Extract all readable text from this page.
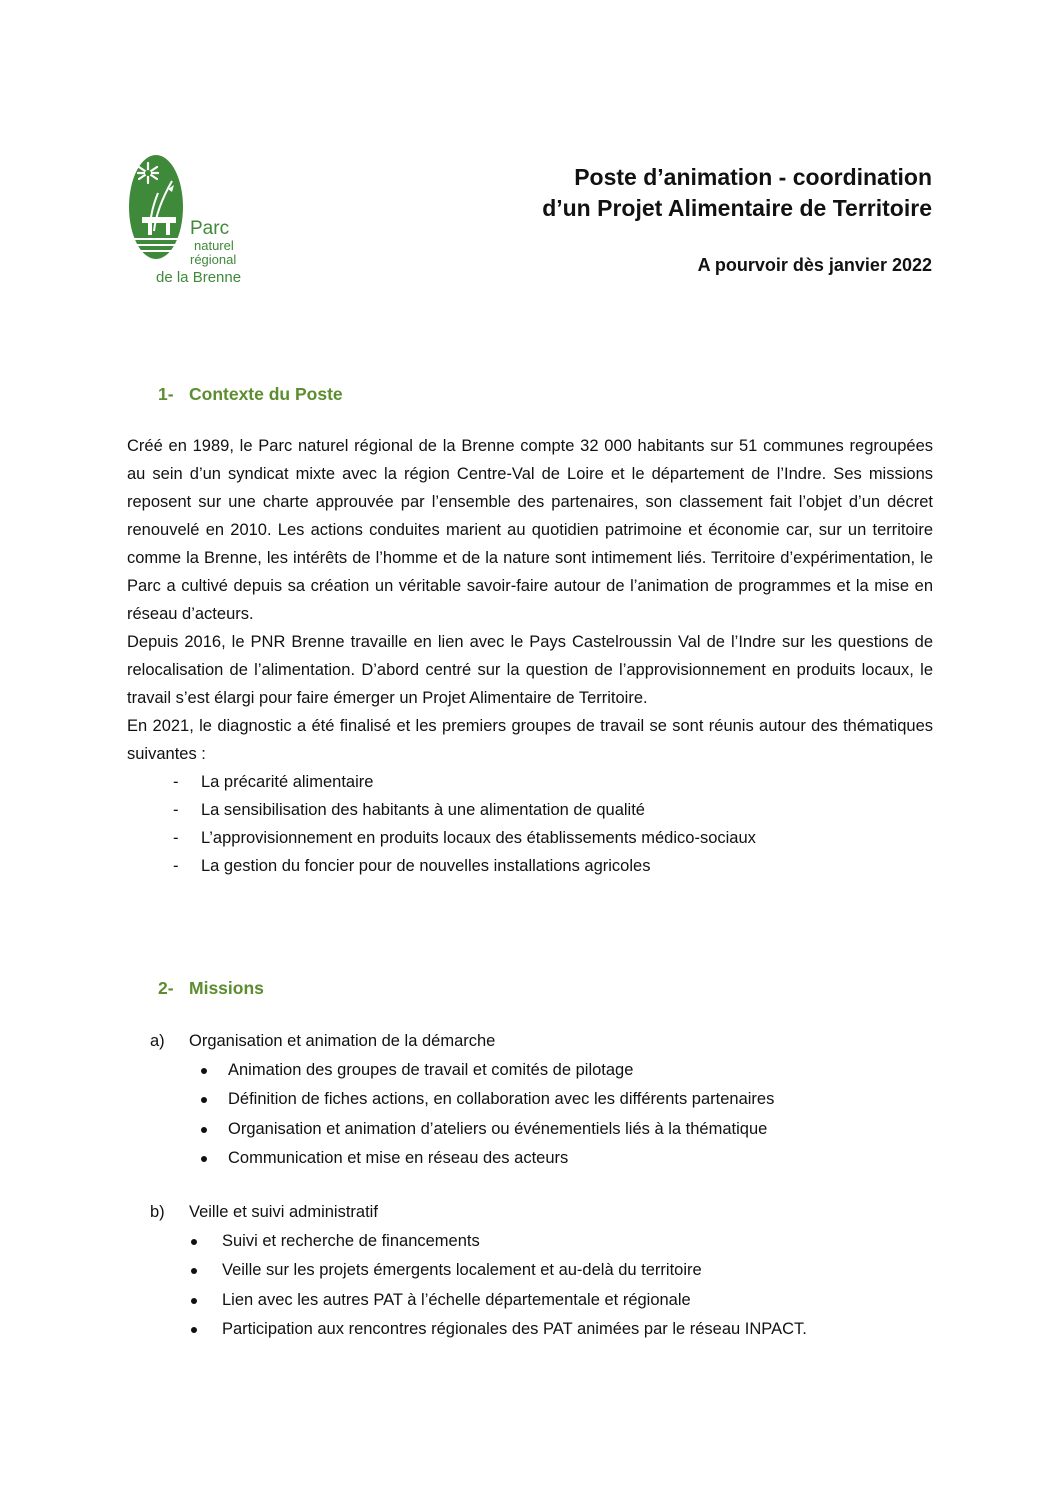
Parc
naturel
régional
de la Brenne
Poste d’animation - coordination
d’un Projet Alimentaire de Territoire
A pourvoir dès janvier 2022
1- Contexte du Poste

Créé en 1989, le Parc naturel régional de la Brenne compte 32 000 habitants sur 51 communes regroupées au sein d’un syndicat mixte avec la région Centre-Val de Loire et le département de l’Indre. Ses missions reposent sur une charte approuvée par l’ensemble des partenaires, son classement fait l’objet d’un décret renouvelé en 2010. Les actions conduites marient au quotidien patrimoine et économie car, sur un territoire comme la Brenne, les intérêts de l’homme et de la nature sont intimement liés. Territoire d’expérimentation, le Parc a cultivé depuis sa création un véritable savoir-faire autour de l’animation de programmes et la mise en réseau d’acteurs.

Depuis 2016, le PNR Brenne travaille en lien avec le Pays Castelroussin Val de l’Indre sur les questions de relocalisation de l’alimentation. D’abord centré sur la question de l’approvisionnement en produits locaux, le travail s’est élargi pour faire émerger un Projet Alimentaire de Territoire.

En 2021, le diagnostic a été finalisé et les premiers groupes de travail se sont réunis autour des thématiques suivantes :

- La précarité alimentaire
- La sensibilisation des habitants à une alimentation de qualité
- L’approvisionnement en produits locaux des établissements médico-sociaux
- La gestion du foncier pour de nouvelles installations agricoles
2- Missions
a) Organisation et animation de la démarche
Animation des groupes de travail et comités de pilotage
Définition de fiches actions, en collaboration avec les différents partenaires
Organisation et animation d’ateliers ou événementiels liés à la thématique
Communication et mise en réseau des acteurs
b) Veille et suivi administratif
Suivi et recherche de financements
Veille sur les projets émergents localement et au-delà du territoire
Lien avec les autres PAT à l’échelle départementale et régionale
Participation aux rencontres régionales des PAT animées par le réseau INPACT.
